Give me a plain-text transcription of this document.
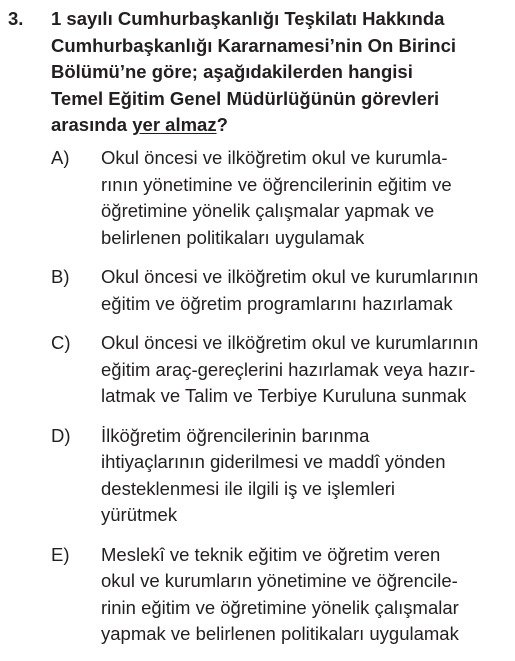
3. 1 sayılı Cumhurbaşkanlığı Teşkilatı Hakkında
Cumhurbaşkanlığı Kararnamesi’nin On Birinci
Bölümü’ne göre; aşağıdakilerden hangisi
Temel Eğitim Genel Müdürlüğünün görevleri
arasında yer almaz?
A)	Okul öncesi ve ilköğretim okul ve kurumla-
rının yönetimine ve öğrencilerinin eğitim ve
öğretimine yönelik çalışmalar yapmak ve
belirlenen politikaları uygulamak
B)	Okul öncesi ve ilköğretim okul ve kurumlarının
eğitim ve öğretim programlarını hazırlamak
C)	Okul öncesi ve ilköğretim okul ve kurumlarının
eğitim araç-gereçlerini hazırlamak veya hazır-
latmak ve Talim ve Terbiye Kuruluna sunmak
D)	İlköğretim öğrencilerinin barınma
ihtiyaçlarının giderilmesi ve maddî yönden
desteklenmesi ile ilgili iş ve işlemleri
yürütmek
E)	Meslekî ve teknik eğitim ve öğretim veren
okul ve kurumların yönetimine ve öğrencile-
rinin eğitim ve öğretimine yönelik çalışmalar
yapmak ve belirlenen politikaları uygulamak
